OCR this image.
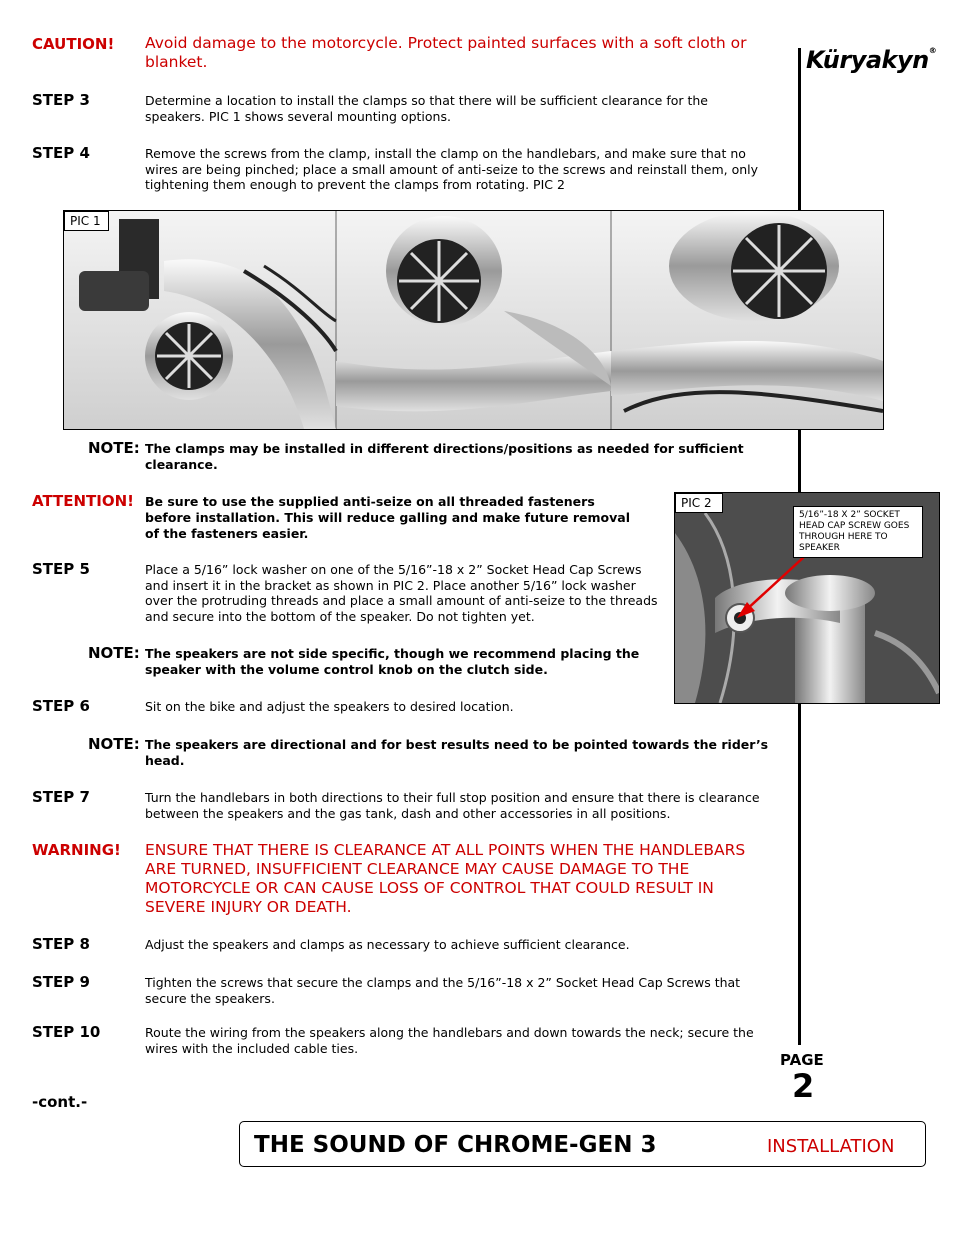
Küryakyn®
CAUTION! Avoid damage to the motorcycle. Protect painted surfaces with a soft cloth or blanket.
STEP 3	Determine a location to install the clamps so that there will be sufficient clearance for the speakers. PIC 1 shows several mounting options.
STEP 4	Remove the screws from the clamp, install the clamp on the handlebars, and make sure that no wires are being pinched; place a small amount of anti-seize to the screws and reinstall them, only tightening them enough to prevent the clamps from rotating. PIC 2
PIC 1
NOTE: The clamps may be installed in different directions/positions as needed for sufficient clearance.
ATTENTION! Be sure to use the supplied anti-seize on all threaded fasteners before installation. This will reduce galling and make future removal of the fasteners easier.
PIC 2
5/16”-18 X 2” SOCKET HEAD CAP SCREW GOES THROUGH HERE TO SPEAKER
STEP 5	Place a 5/16” lock washer on one of the 5/16”-18 x 2” Socket Head Cap Screws and insert it in the bracket as shown in PIC 2. Place another 5/16” lock washer over the protruding threads and place a small amount of anti-seize to the threads and secure into the bottom of the speaker. Do not tighten yet.
NOTE: The speakers are not side specific, though we recommend placing the speaker with the volume control knob on the clutch side.
STEP 6	Sit on the bike and adjust the speakers to desired location.
NOTE: The speakers are directional and for best results need to be pointed towards the rider’s head.
STEP 7	Turn the handlebars in both directions to their full stop position and ensure that there is clearance between the speakers and the gas tank, dash and other accessories in all positions.
WARNING! ENSURE THAT THERE IS CLEARANCE AT ALL POINTS WHEN THE HANDLEBARS ARE TURNED, INSUFFICIENT CLEARANCE MAY CAUSE DAMAGE TO THE MOTORCYCLE OR CAN CAUSE LOSS OF CONTROL THAT COULD RESULT IN SEVERE INJURY OR DEATH.
STEP 8	Adjust the speakers and clamps as necessary to achieve sufficient clearance.
STEP 9	Tighten the screws that secure the clamps and the 5/16”-18 x 2” Socket Head Cap Screws that secure the speakers.
STEP 10	Route the wiring from the speakers along the handlebars and down towards the neck; secure the wires with the included cable ties.
PAGE
2
-cont.-
THE SOUND OF CHROME-GEN 3	INSTALLATION
